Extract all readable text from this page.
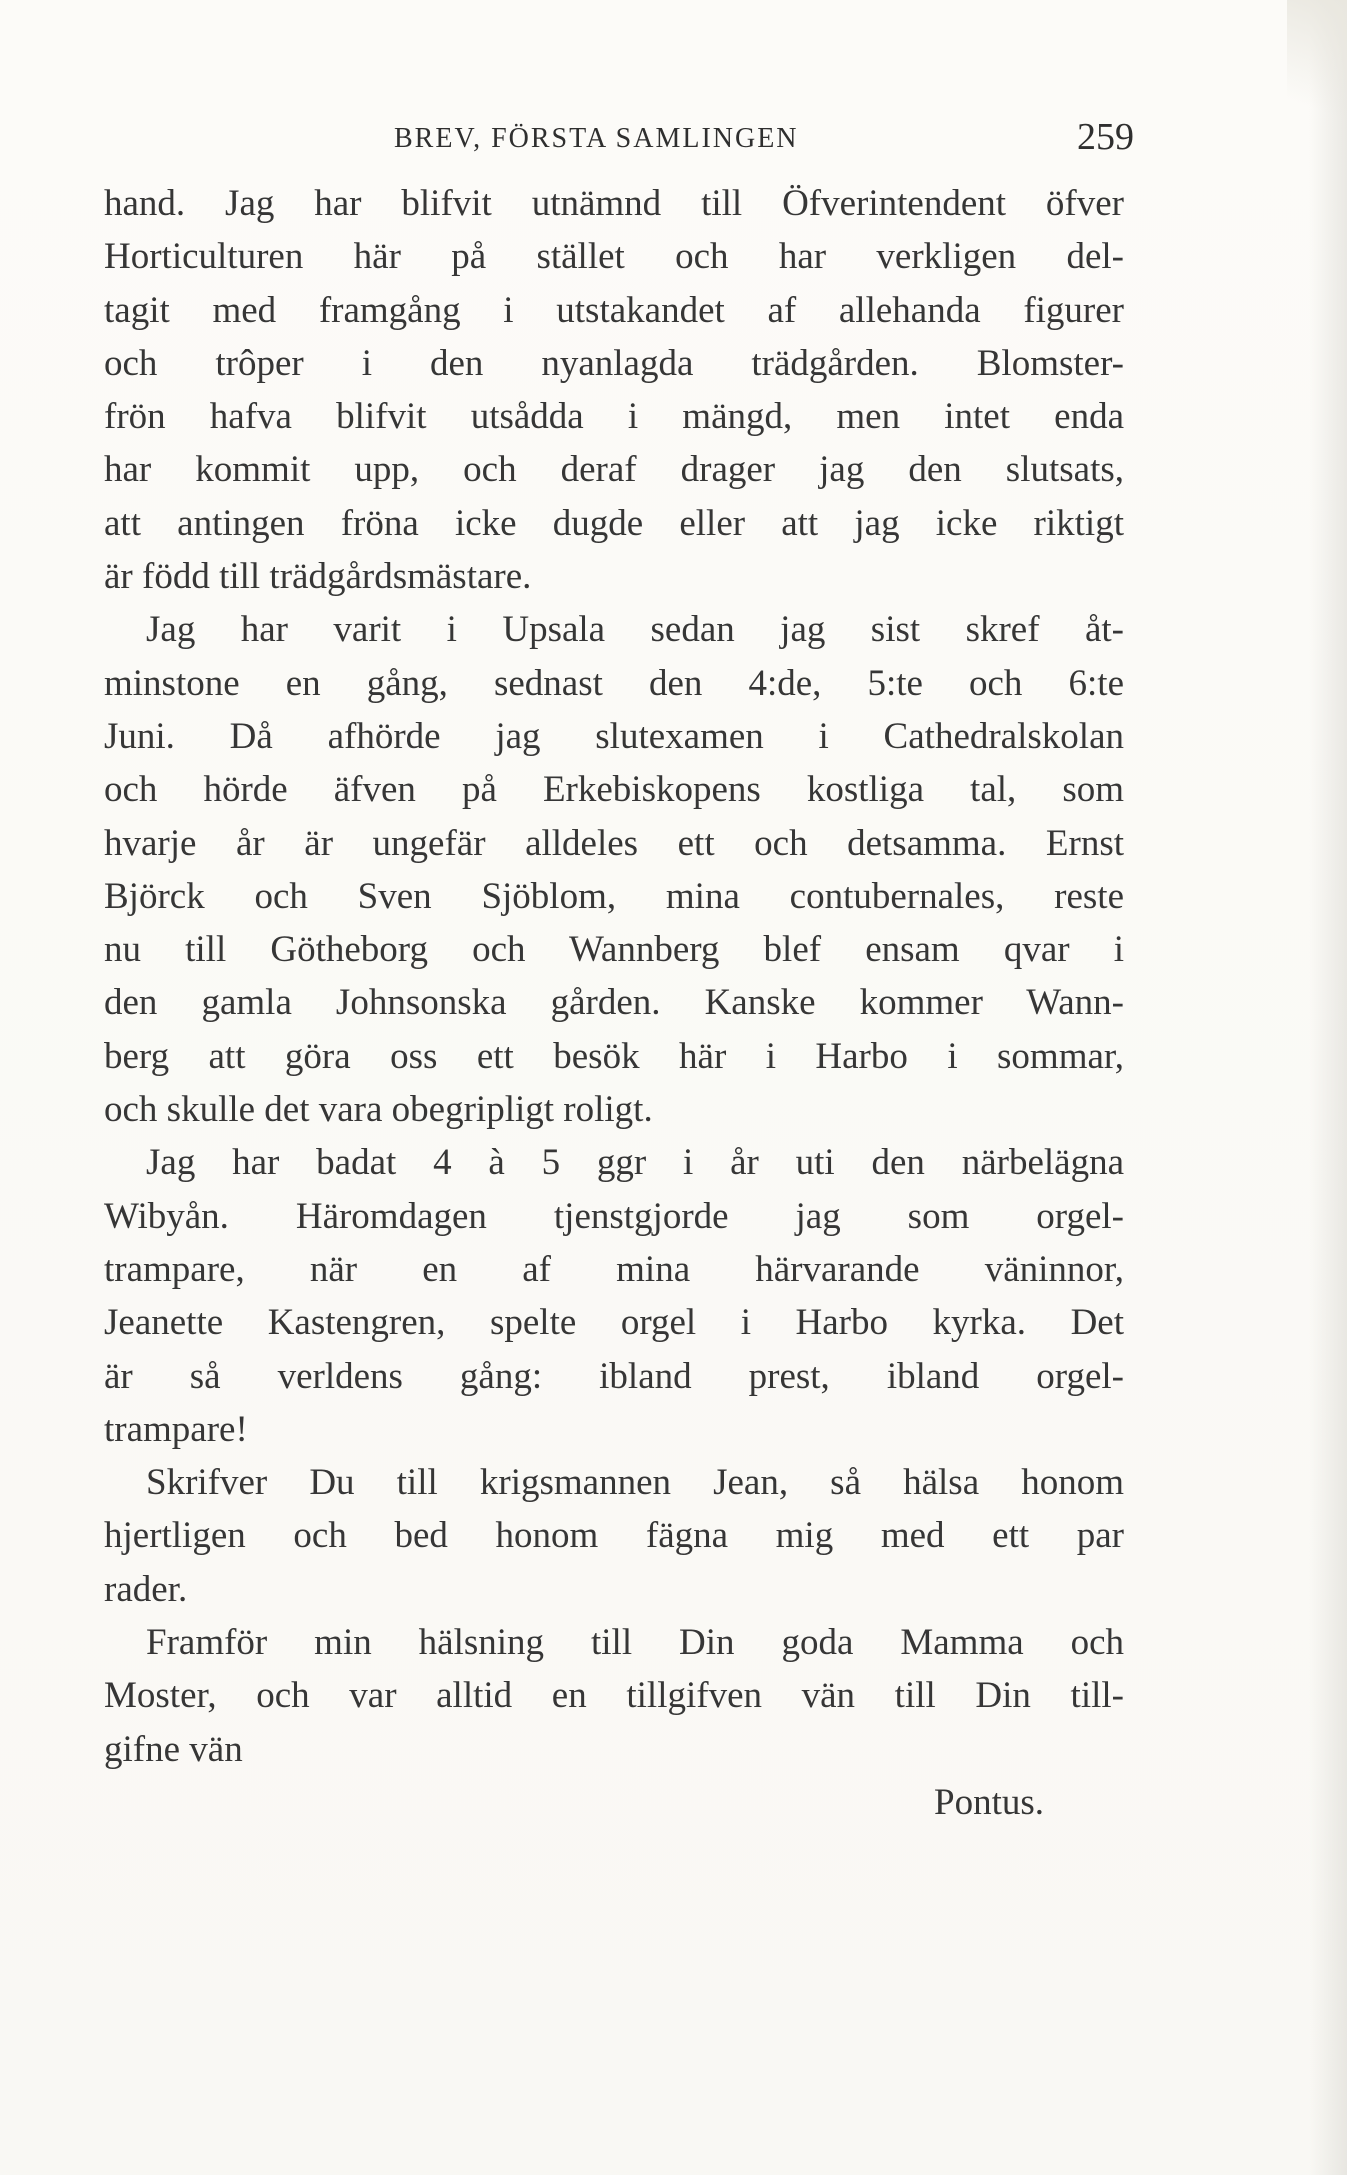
BREV, FÖRSTA SAMLINGEN	259
hand. Jag har blifvit utnämnd till Öfverintendent öfver
Horticulturen här på stället och har verkligen del-
tagit med framgång i utstakandet af allehanda figurer
och trôper i den nyanlagda trädgården. Blomster-
frön hafva blifvit utsådda i mängd, men intet enda
har kommit upp, och deraf drager jag den slutsats,
att antingen fröna icke dugde eller att jag icke riktigt
är född till trädgårdsmästare.
Jag har varit i Upsala sedan jag sist skref åt-
minstone en gång, sednast den 4:de, 5:te och 6:te
Juni. Då afhörde jag slutexamen i Cathedralskolan
och hörde äfven på Erkebiskopens kostliga tal, som
hvarje år är ungefär alldeles ett och detsamma. Ernst
Björck och Sven Sjöblom, mina contubernales, reste
nu till Götheborg och Wannberg blef ensam qvar i
den gamla Johnsonska gården. Kanske kommer Wann-
berg att göra oss ett besök här i Harbo i sommar,
och skulle det vara obegripligt roligt.
Jag har badat 4 à 5 ggr i år uti den närbelägna
Wibyån. Häromdagen tjenstgjorde jag som orgel-
trampare, när en af mina härvarande väninnor,
Jeanette Kastengren, spelte orgel i Harbo kyrka. Det
är så verldens gång: ibland prest, ibland orgel-
trampare!
Skrifver Du till krigsmannen Jean, så hälsa honom
hjertligen och bed honom fägna mig med ett par
rader.
Framför min hälsning till Din goda Mamma och
Moster, och var alltid en tillgifven vän till Din till-
gifne vän
Pontus.
